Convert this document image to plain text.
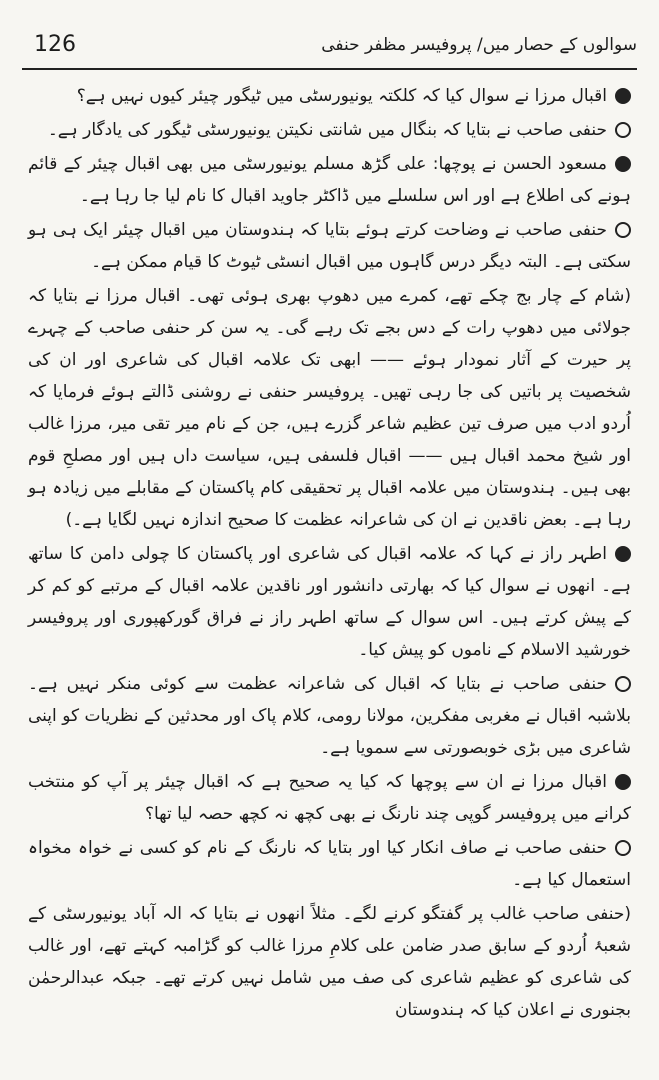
126	سوالوں کے حصار میں/ پروفیسر مظفر حنفی

اقبال مرزا نے سوال کیا کہ کلکتہ یونیورسٹی میں ٹیگور چیئر کیوں نہیں ہے؟

حنفی صاحب نے بتایا کہ بنگال میں شانتی نکیتن یونیورسٹی ٹیگور کی یادگار ہے۔

مسعود الحسن نے پوچھا: علی گڑھ مسلم یونیورسٹی میں بھی اقبال چیئر کے قائم ہونے کی اطلاع ہے اور اس سلسلے میں ڈاکٹر جاوید اقبال کا نام لیا جا رہا ہے۔

حنفی صاحب نے وضاحت کرتے ہوئے بتایا کہ ہندوستان میں اقبال چیئر ایک ہی ہو سکتی ہے۔ البتہ دیگر درس گاہوں میں اقبال انسٹی ٹیوٹ کا قیام ممکن ہے۔

(شام کے چار بج چکے تھے، کمرے میں دھوپ بھری ہوئی تھی۔ اقبال مرزا نے بتایا کہ جولائی میں دھوپ رات کے دس بجے تک رہے گی۔ یہ سن کر حنفی صاحب کے چہرے پر حیرت کے آثار نمودار ہوئے —— ابھی تک علامہ اقبال کی شاعری اور ان کی شخصیت پر باتیں کی جا رہی تھیں۔ پروفیسر حنفی نے روشنی ڈالتے ہوئے فرمایا کہ اُردو ادب میں صرف تین عظیم شاعر گزرے ہیں، جن کے نام میر تقی میر، مرزا غالب اور شیخ محمد اقبال ہیں —— اقبال فلسفی ہیں، سیاست داں ہیں اور مصلحِ قوم بھی ہیں۔ ہندوستان میں علامہ اقبال پر تحقیقی کام پاکستان کے مقابلے میں زیادہ ہو رہا ہے۔ بعض ناقدین نے ان کی شاعرانہ عظمت کا صحیح اندازہ نہیں لگایا ہے۔)

اطہر راز نے کہا کہ علامہ اقبال کی شاعری اور پاکستان کا چولی دامن کا ساتھ ہے۔ انھوں نے سوال کیا کہ بھارتی دانشور اور ناقدین علامہ اقبال کے مرتبے کو کم کر کے پیش کرتے ہیں۔ اس سوال کے ساتھ اطہر راز نے فراق گورکھپوری اور پروفیسر خورشید الاسلام کے ناموں کو پیش کیا۔

حنفی صاحب نے بتایا کہ اقبال کی شاعرانہ عظمت سے کوئی منکر نہیں ہے۔ بلاشبہ اقبال نے مغربی مفکرین، مولانا رومی، کلام پاک اور محدثین کے نظریات کو اپنی شاعری میں بڑی خوبصورتی سے سمویا ہے۔

اقبال مرزا نے ان سے پوچھا کہ کیا یہ صحیح ہے کہ اقبال چیئر پر آپ کو منتخب کرانے میں پروفیسر گوپی چند نارنگ نے بھی کچھ نہ کچھ حصہ لیا تھا؟

حنفی صاحب نے صاف انکار کیا اور بتایا کہ نارنگ کے نام کو کسی نے خواہ مخواہ استعمال کیا ہے۔

(حنفی صاحب غالب پر گفتگو کرنے لگے۔ مثلاً انھوں نے بتایا کہ الہ آباد یونیورسٹی کے شعبۂ اُردو کے سابق صدر ضامن علی کلامِ مرزا غالب کو گڑامبہ کہتے تھے، اور غالب کی شاعری کو عظیم شاعری کی صف میں شامل نہیں کرتے تھے۔ جبکہ عبدالرحمٰن بجنوری نے اعلان کیا کہ ہندوستان
